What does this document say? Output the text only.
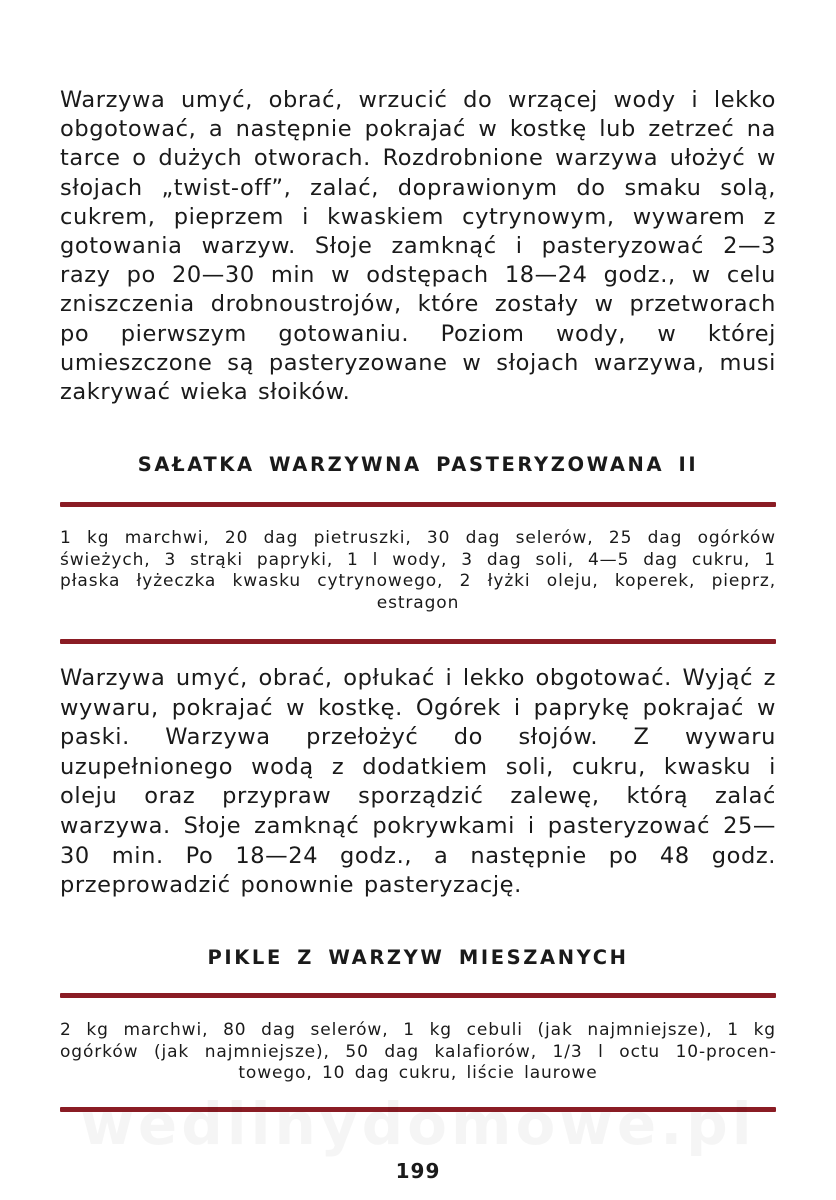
Warzywa umyć, obrać, wrzucić do wrzącej wody i lekko obgotować, a następnie pokrajać w kostkę lub zetrzeć na tarce o dużych otworach. Rozdrobnione warzywa ułożyć w słojach „twist-off”, zalać, doprawionym do smaku solą, cukrem, pieprzem i kwaskiem cytrynowym, wywarem z gotowania warzyw. Słoje zamknąć i pasteryzować 2—3 razy po 20—30 min w odstępach 18—24 godz., w celu zniszczenia drobnoustrojów, które zostały w przetworach po pierwszym gotowaniu. Poziom wody, w której umieszczone są pasteryzowane w słojach warzywa, musi zakrywać wieka słoików.

SAŁATKA WARZYWNA PASTERYZOWANA II

1 kg marchwi, 20 dag pietruszki, 30 dag selerów, 25 dag ogórków świeżych, 3 strąki papryki, 1 l wody, 3 dag soli, 4—5 dag cukru, 1 płaska łyżeczka kwasku cytrynowego, 2 łyżki oleju, koperek, pieprz, estragon

Warzywa umyć, obrać, opłukać i lekko obgotować. Wyjąć z wywaru, pokrajać w kostkę. Ogórek i paprykę pokrajać w paski. Warzywa przełożyć do słojów. Z wywaru uzupełnionego wodą z dodatkiem soli, cukru, kwasku i oleju oraz przypraw sporządzić zalewę, którą zalać warzywa. Słoje zamknąć pokrywkami i pasteryzować 25—30 min. Po 18—24 godz., a następnie po 48 godz. przeprowadzić ponownie pasteryzację.

PIKLE Z WARZYW MIESZANYCH

2 kg marchwi, 80 dag selerów, 1 kg cebuli (jak najmniejsze), 1 kg ogórków (jak najmniejsze), 50 dag kalafiorów, 1/3 l octu 10-procentowego, 10 dag cukru, liście laurowe

199
